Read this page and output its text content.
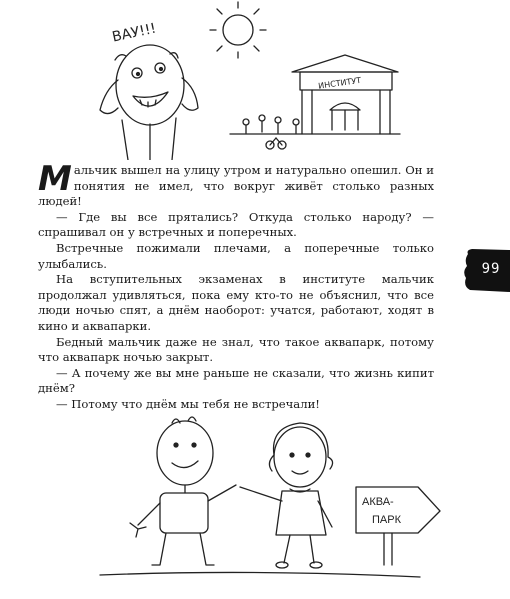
ВАУ!!!
ИНСТИТУТ

Мальчик вышел на улицу утром и натурально опешил. Он и понятия не имел, что вокруг живёт столько разных людей!

— Где вы все прятались? Откуда столько народу? — спрашивал он у встречных и поперечных.

Встречные пожимали плечами, а поперечные только улыбались.

На вступительных экзаменах в институте мальчик продолжал удивляться, пока ему кто-то не объяснил, что все люди ночью спят, а днём наоборот: учатся, работают, ходят в кино и аквапарки.

Бедный мальчик даже не знал, что такое аквапарк, потому что аквапарк ночью закрыт.

— А почему же вы мне раньше не сказали, что жизнь кипит днём?

— Потому что днём мы тебя не встречали!

99
АКВА-
ПАРК
